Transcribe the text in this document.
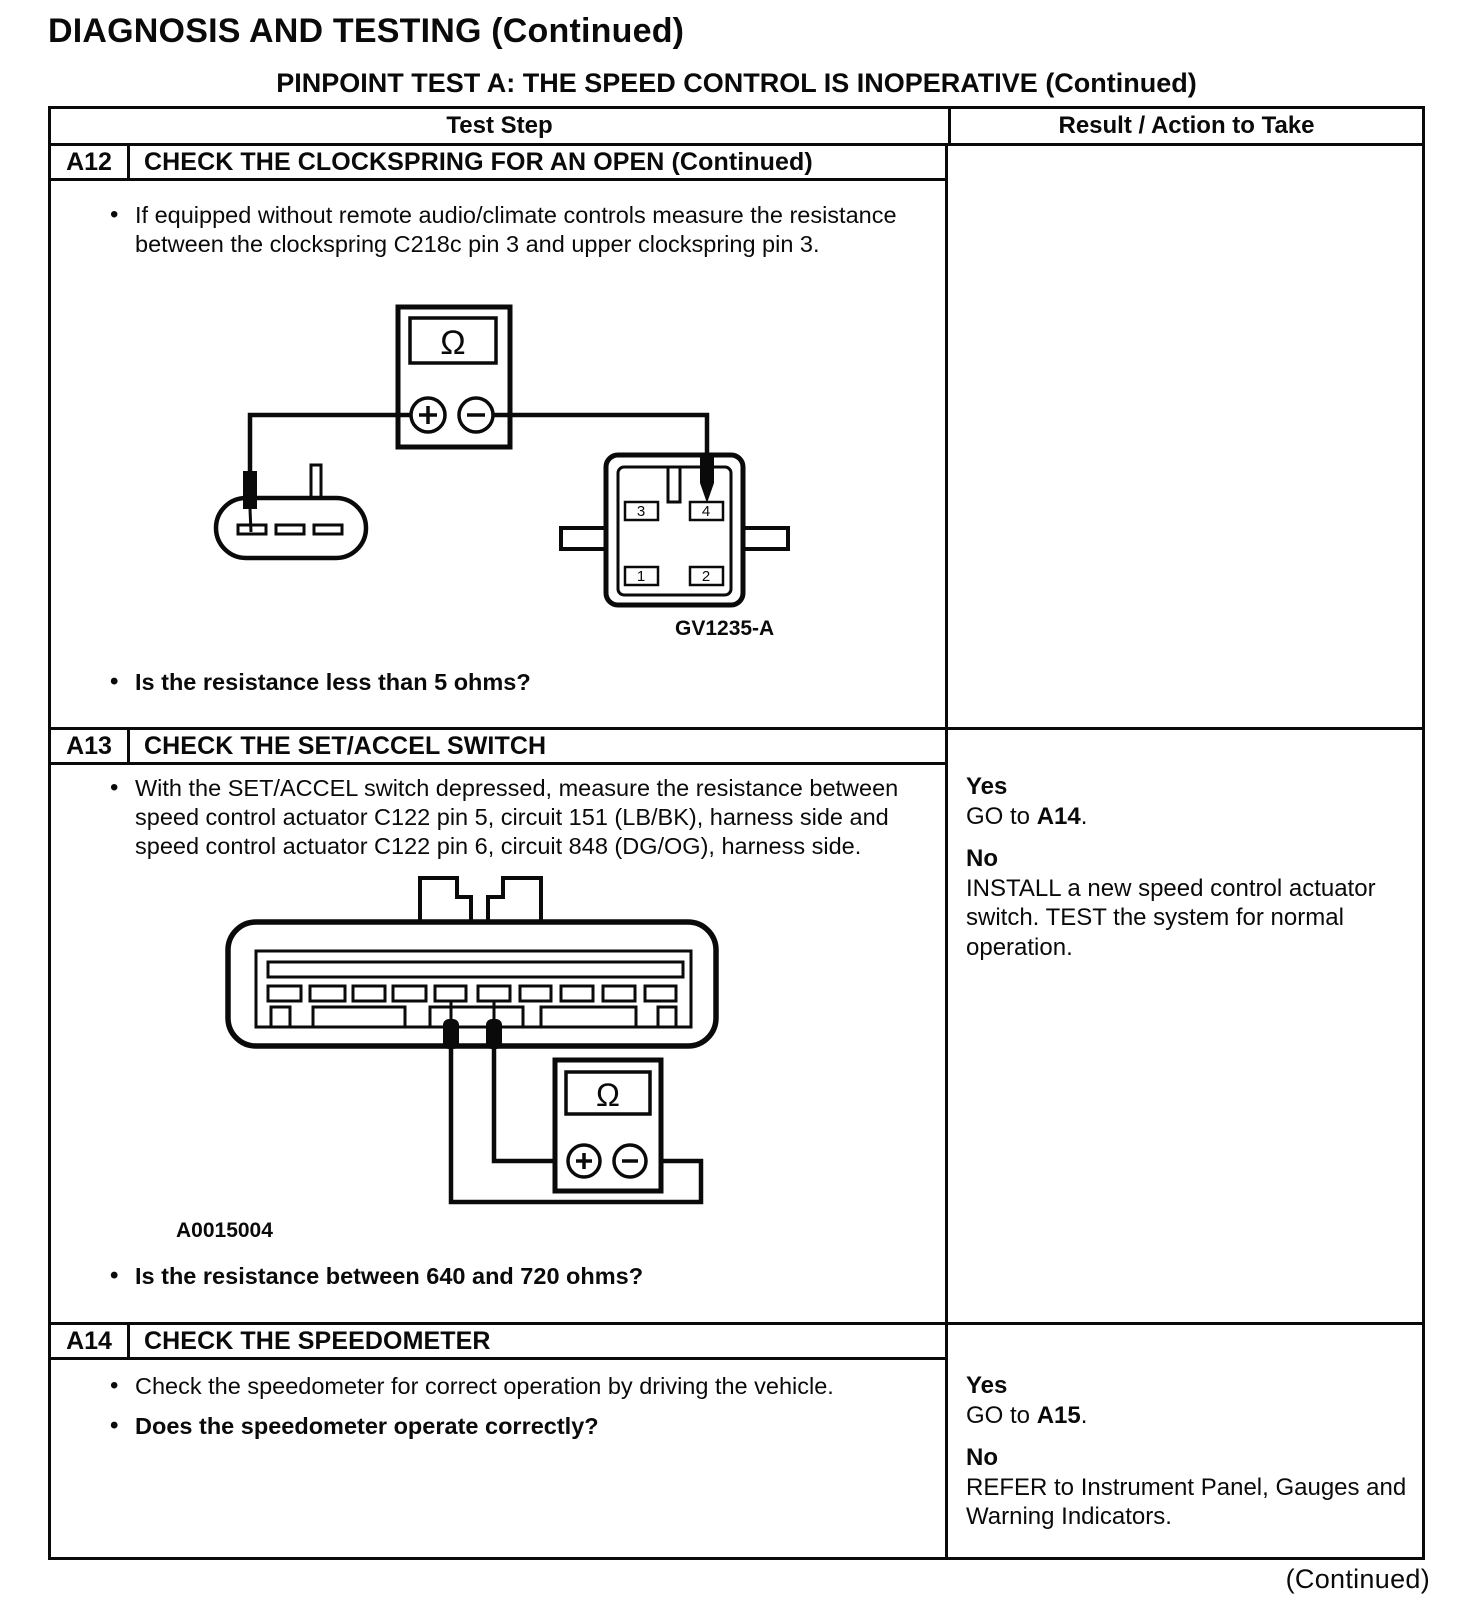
DIAGNOSIS AND TESTING (Continued)
PINPOINT TEST A: THE SPEED CONTROL IS INOPERATIVE (Continued)
Test Step	Result / Action to Take
A12	CHECK THE CLOCKSPRING FOR AN OPEN (Continued)
• If equipped without remote audio/climate controls measure the resistance between the clockspring C218c pin 3 and upper clockspring pin 3.
Ω
3	4
1	2
GV1235-A
• Is the resistance less than 5 ohms?
A13	CHECK THE SET/ACCEL SWITCH
• With the SET/ACCEL switch depressed, measure the resistance between speed control actuator C122 pin 5, circuit 151 (LB/BK), harness side and speed control actuator C122 pin 6, circuit 848 (DG/OG), harness side.
Ω
A0015004
• Is the resistance between 640 and 720 ohms?
Yes
GO to A14.
No
INSTALL a new speed control actuator switch. TEST the system for normal operation.
A14	CHECK THE SPEEDOMETER
• Check the speedometer for correct operation by driving the vehicle.
• Does the speedometer operate correctly?
Yes
GO to A15.
No
REFER to Instrument Panel, Gauges and Warning Indicators.
(Continued)
